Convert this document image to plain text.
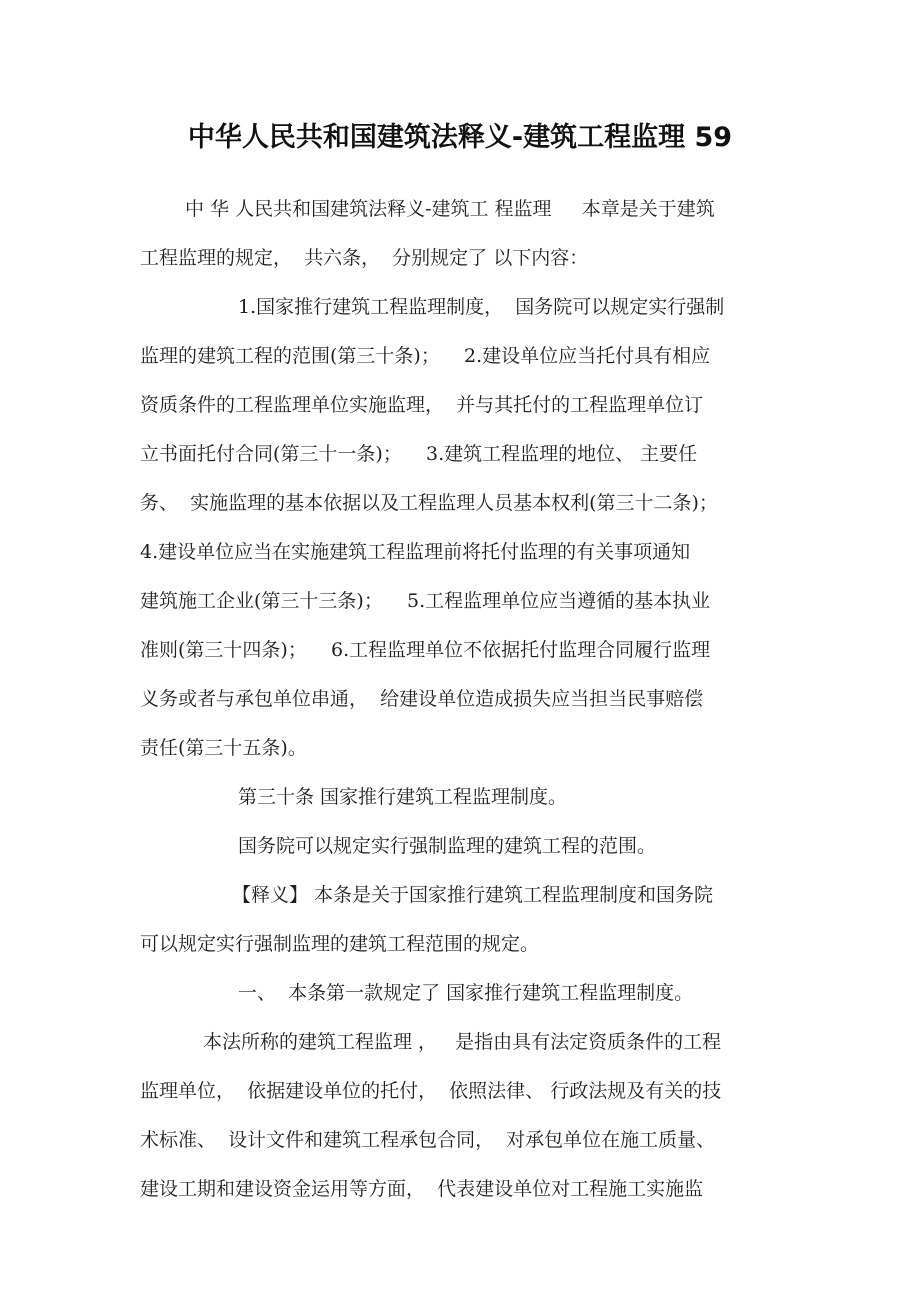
中华人民共和国建筑法释义-建筑工程监理 59
中 华 人民共和国建筑法释义-建筑工 程监理     本章是关于建筑
工程监理的规定，  共六条，  分别规定了 以下内容：
1.国家推行建筑工程监理制度，  国务院可以规定实行强制
监理的建筑工程的范围(第三十条)；    2.建设单位应当托付具有相应
资质条件的工程监理单位实施监理，  并与其托付的工程监理单位订
立书面托付合同(第三十一条)；    3.建筑工程监理的地位、 主要任
务、  实施监理的基本依据以及工程监理人员基本权利(第三十二条)；
4.建设单位应当在实施建筑工程监理前将托付监理的有关事项通知
建筑施工企业(第三十三条)；    5.工程监理单位应当遵循的基本执业
准则(第三十四条)；    6.工程监理单位不依据托付监理合同履行监理
义务或者与承包单位串通，  给建设单位造成损失应当担当民事赔偿
责任(第三十五条)。
第三十条 国家推行建筑工程监理制度。
国务院可以规定实行强制监理的建筑工程的范围。
【释义】 本条是关于国家推行建筑工程监理制度和国务院
可以规定实行强制监理的建筑工程范围的规定。
一、  本条第一款规定了 国家推行建筑工程监理制度。
本法所称的建筑工程监理 ，   是指由具有法定资质条件的工程
监理单位，  依据建设单位的托付，  依照法律、 行政法规及有关的技
术标准、  设计文件和建筑工程承包合同，  对承包单位在施工质量、
建设工期和建设资金运用等方面，  代表建设单位对工程施工实施监
